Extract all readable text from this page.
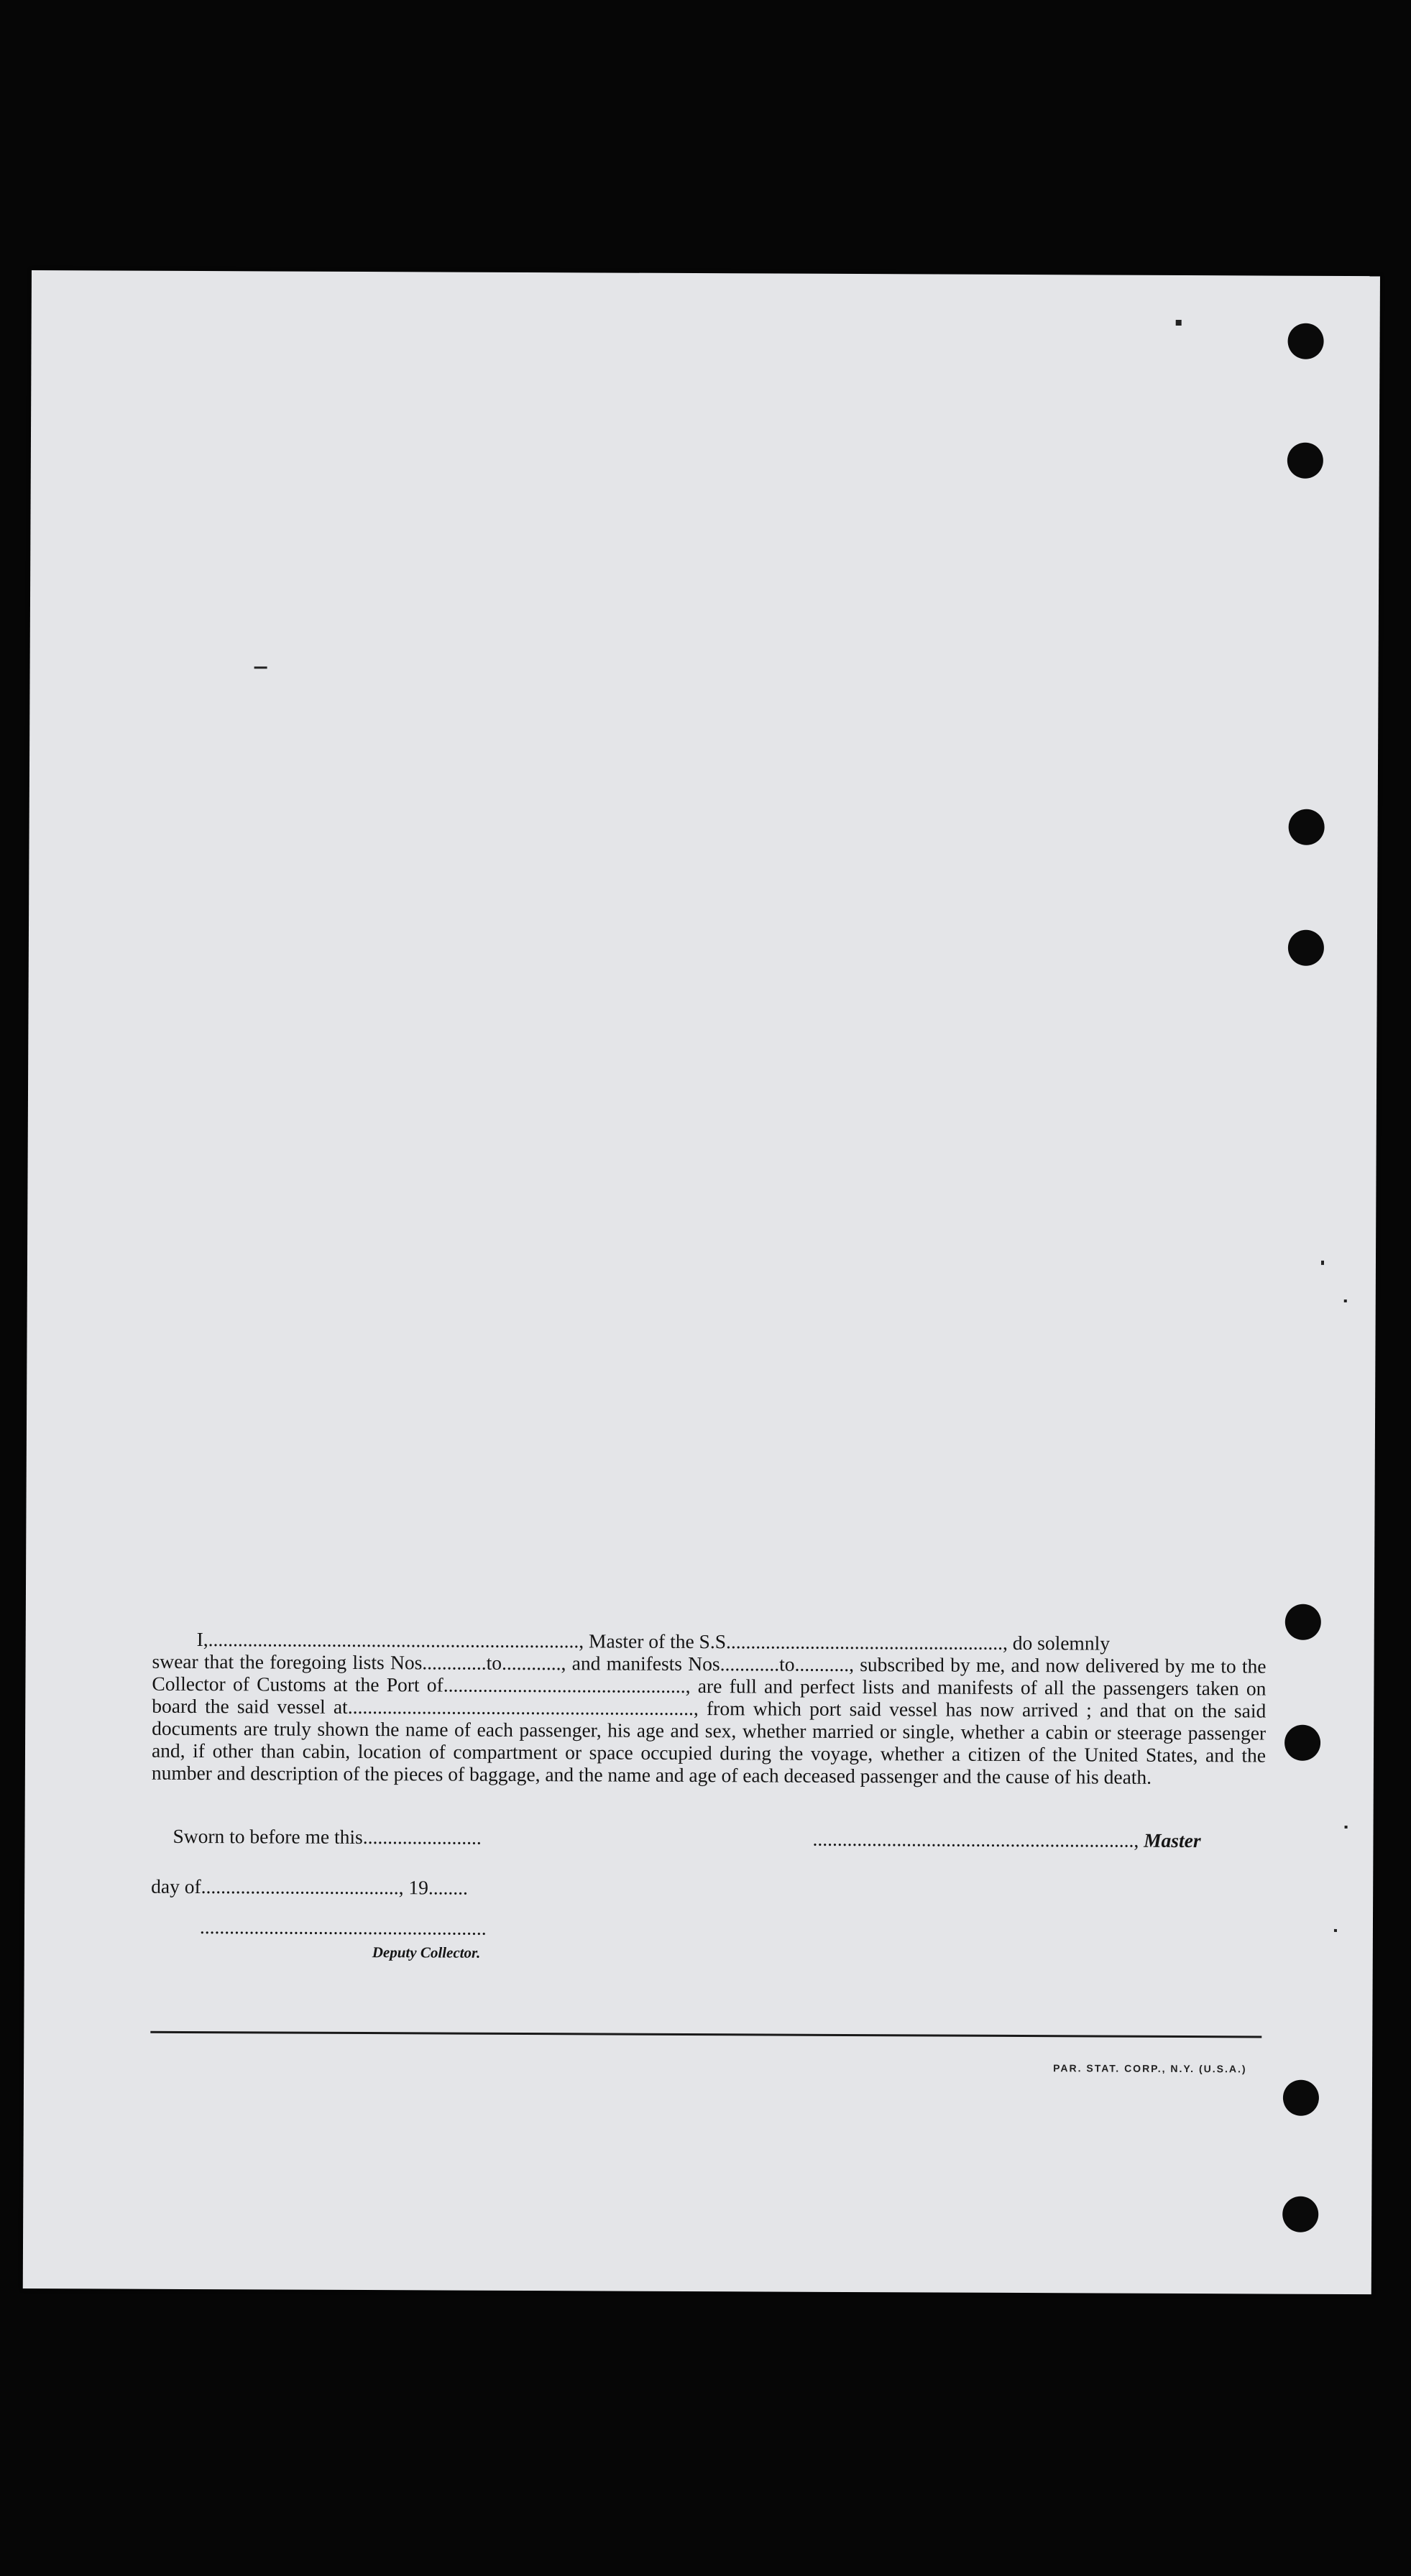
I,..........................................................................., Master of the S.S........................................................, do solemnly
swear that the foregoing lists Nos.............to............, and manifests Nos............to..........., subscribed by me, and now delivered by me to the Collector of Customs at the Port of................................................., are full and perfect lists and manifests of all the passengers taken on board the said vessel at......................................................................, from which port said vessel has now arrived ; and that on the said documents are truly shown the name of each passenger, his age and sex, whether married or single, whether a cabin or steerage passenger and, if other than cabin, location of compartment or space occupied during the voyage, whether a citizen of the United States, and the number and description of the pieces of baggage, and the name and age of each deceased passenger and the cause of his death.
Sworn to before me this........................
day of........................................, 19........
..........................................................
Deputy Collector.
................................................................., Master
PAR. STAT. CORP., N.Y. (U.S.A.)
